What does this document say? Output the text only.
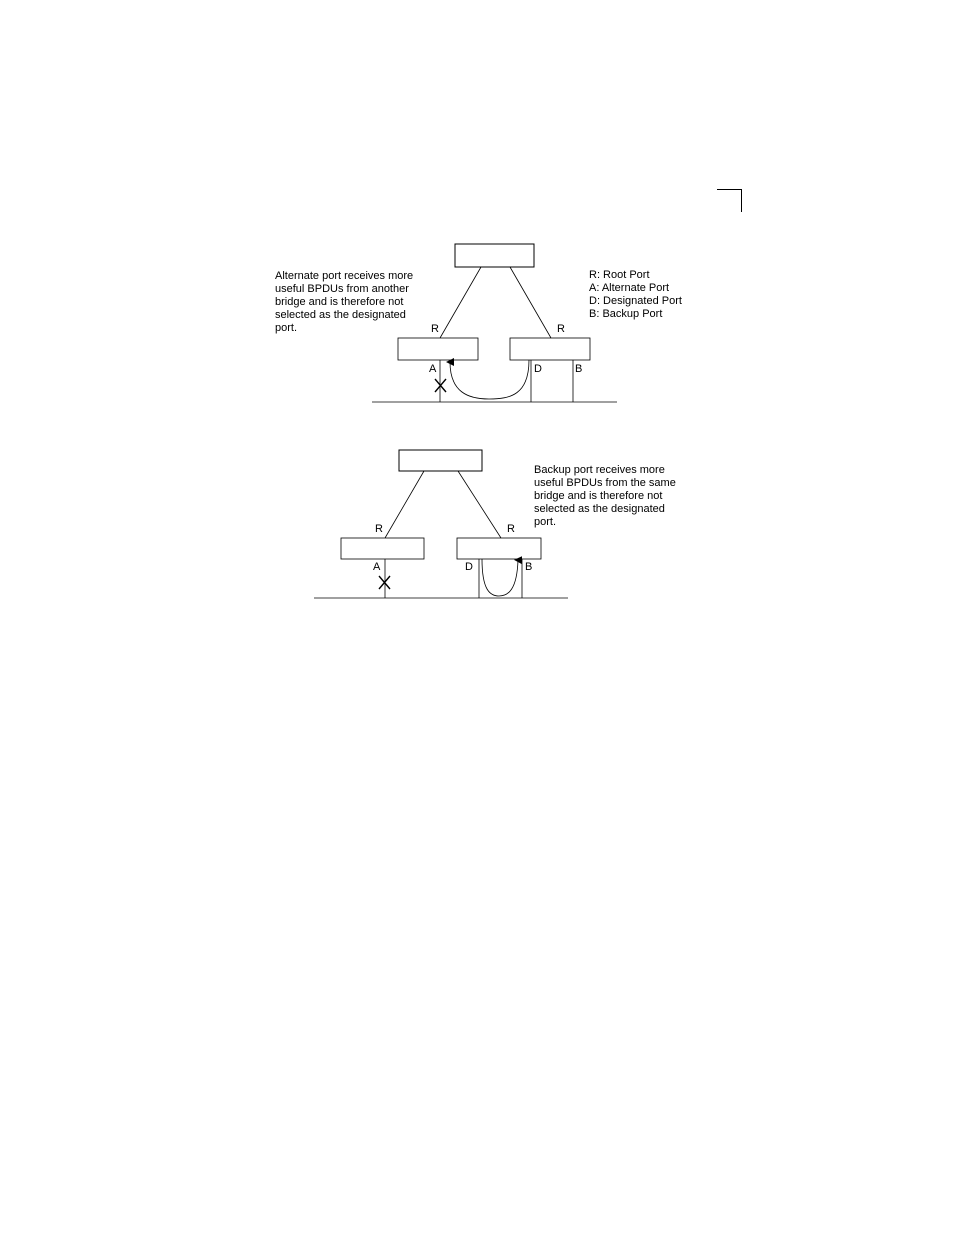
Alternate port receives more
useful BPDUs from another
bridge and is therefore not
selected as the designated
port.
R: Root Port
A: Alternate Port
D: Designated Port
B: Backup Port
Backup port receives more
useful BPDUs from the same
bridge and is therefore not
selected as the designated
port.
R	R
A	D	B
R	R
A	D	B
